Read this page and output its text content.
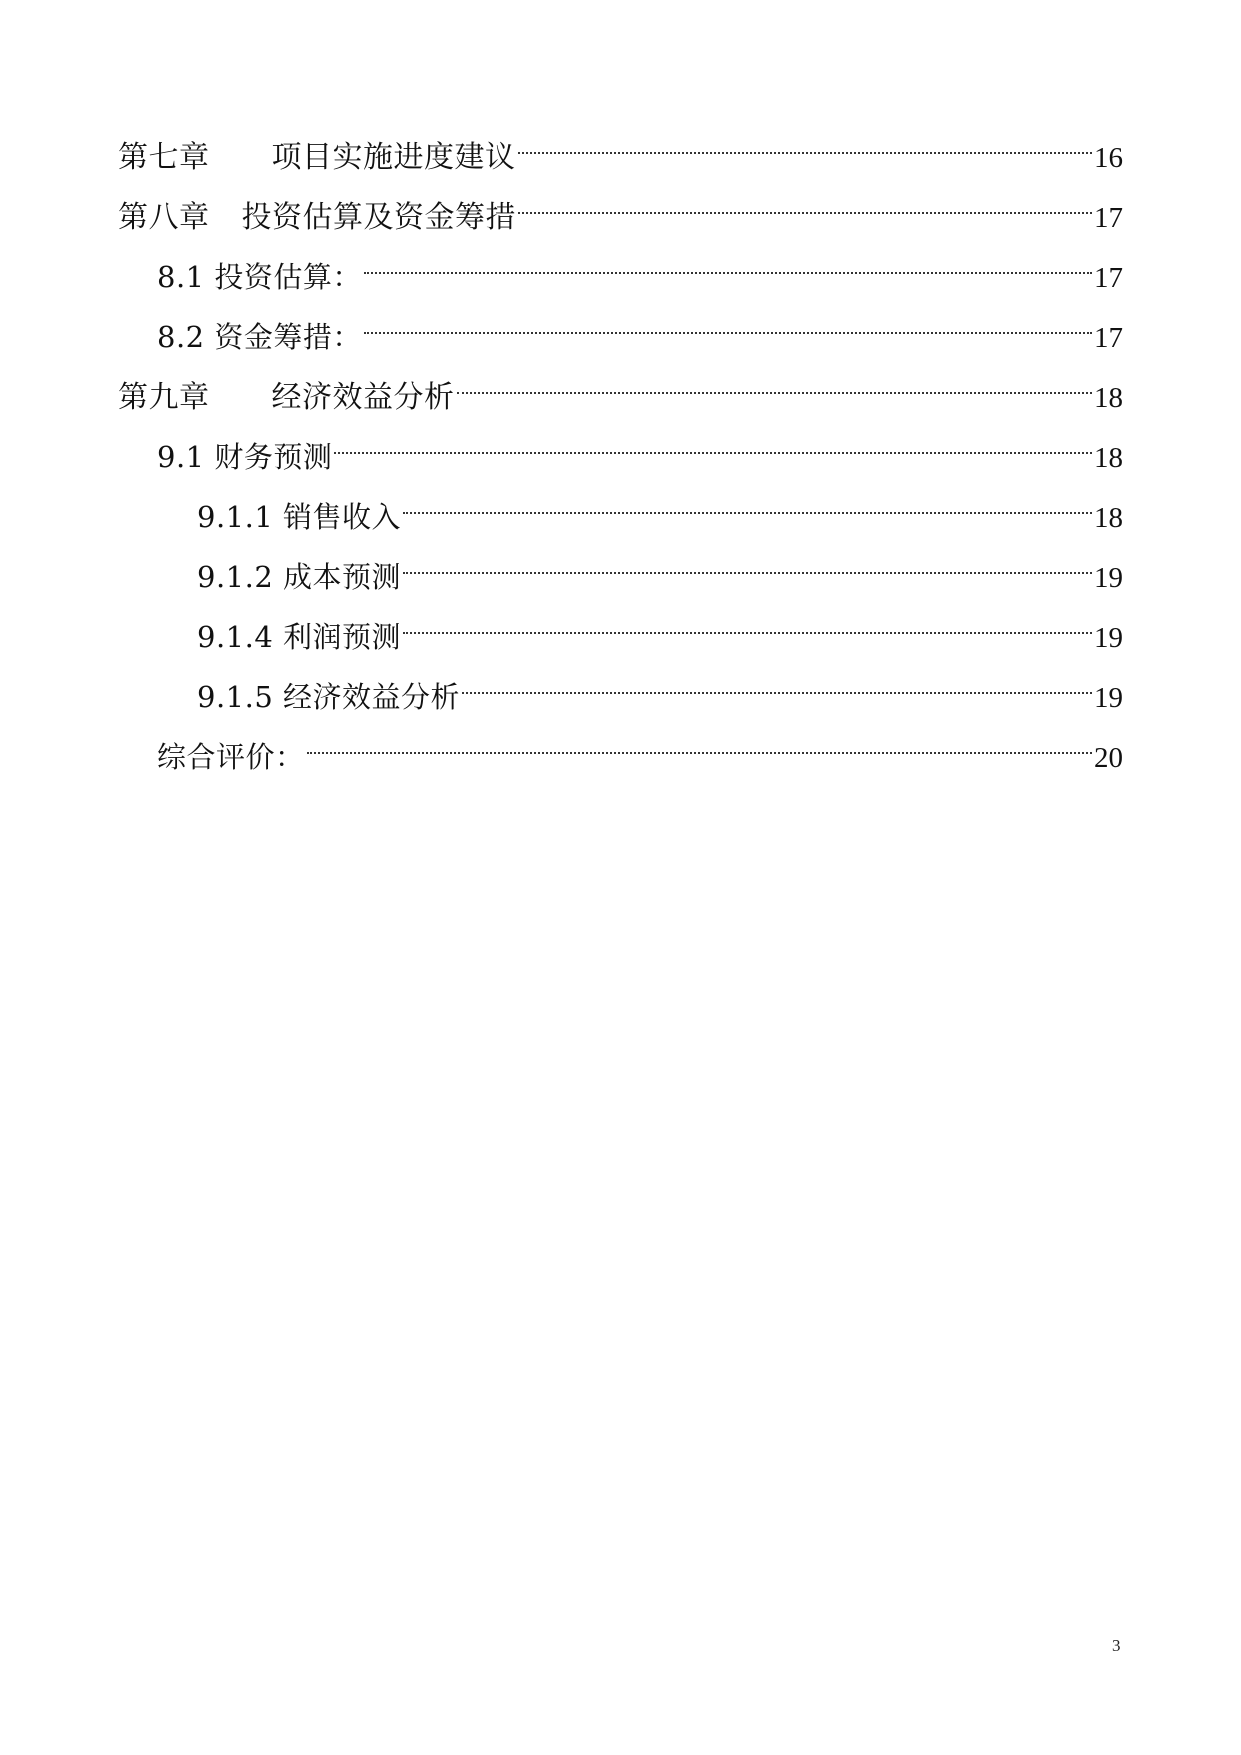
第七章 项目实施进度建议	16
第八章 投资估算及资金筹措	17
8.1 投资估算：	17
8.2 资金筹措：	17
第九章 经济效益分析	18
9.1 财务预测	18
9.1.1 销售收入	18
9.1.2 成本预测	19
9.1.4 利润预测	19
9.1.5 经济效益分析	19
综合评价：	20
3
